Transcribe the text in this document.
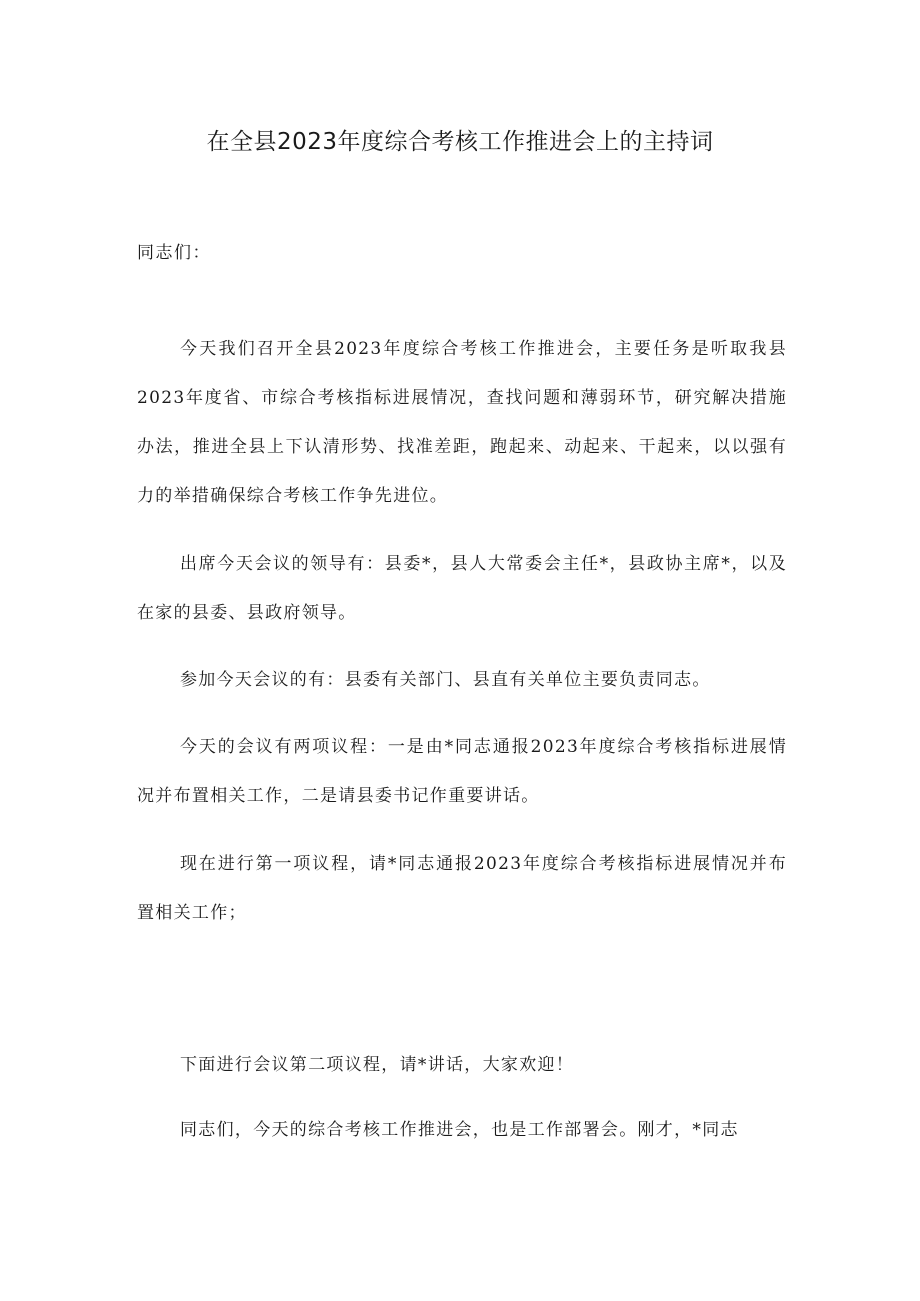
在全县2023年度综合考核工作推进会上的主持词

同志们：

今天我们召开全县2023年度综合考核工作推进会，主要任务是听取我县2023年度省、市综合考核指标进展情况，查找问题和薄弱环节，研究解决措施办法，推进全县上下认清形势、找准差距，跑起来、动起来、干起来，以以强有力的举措确保综合考核工作争先进位。

出席今天会议的领导有：县委*，县人大常委会主任*，县政协主席*，以及在家的县委、县政府领导。

参加今天会议的有：县委有关部门、县直有关单位主要负责同志。

今天的会议有两项议程：一是由*同志通报2023年度综合考核指标进展情况并布置相关工作，二是请县委书记作重要讲话。

现在进行第一项议程，请*同志通报2023年度综合考核指标进展情况并布置相关工作；

下面进行会议第二项议程，请*讲话，大家欢迎！

同志们，今天的综合考核工作推进会，也是工作部署会。刚才，*同志
